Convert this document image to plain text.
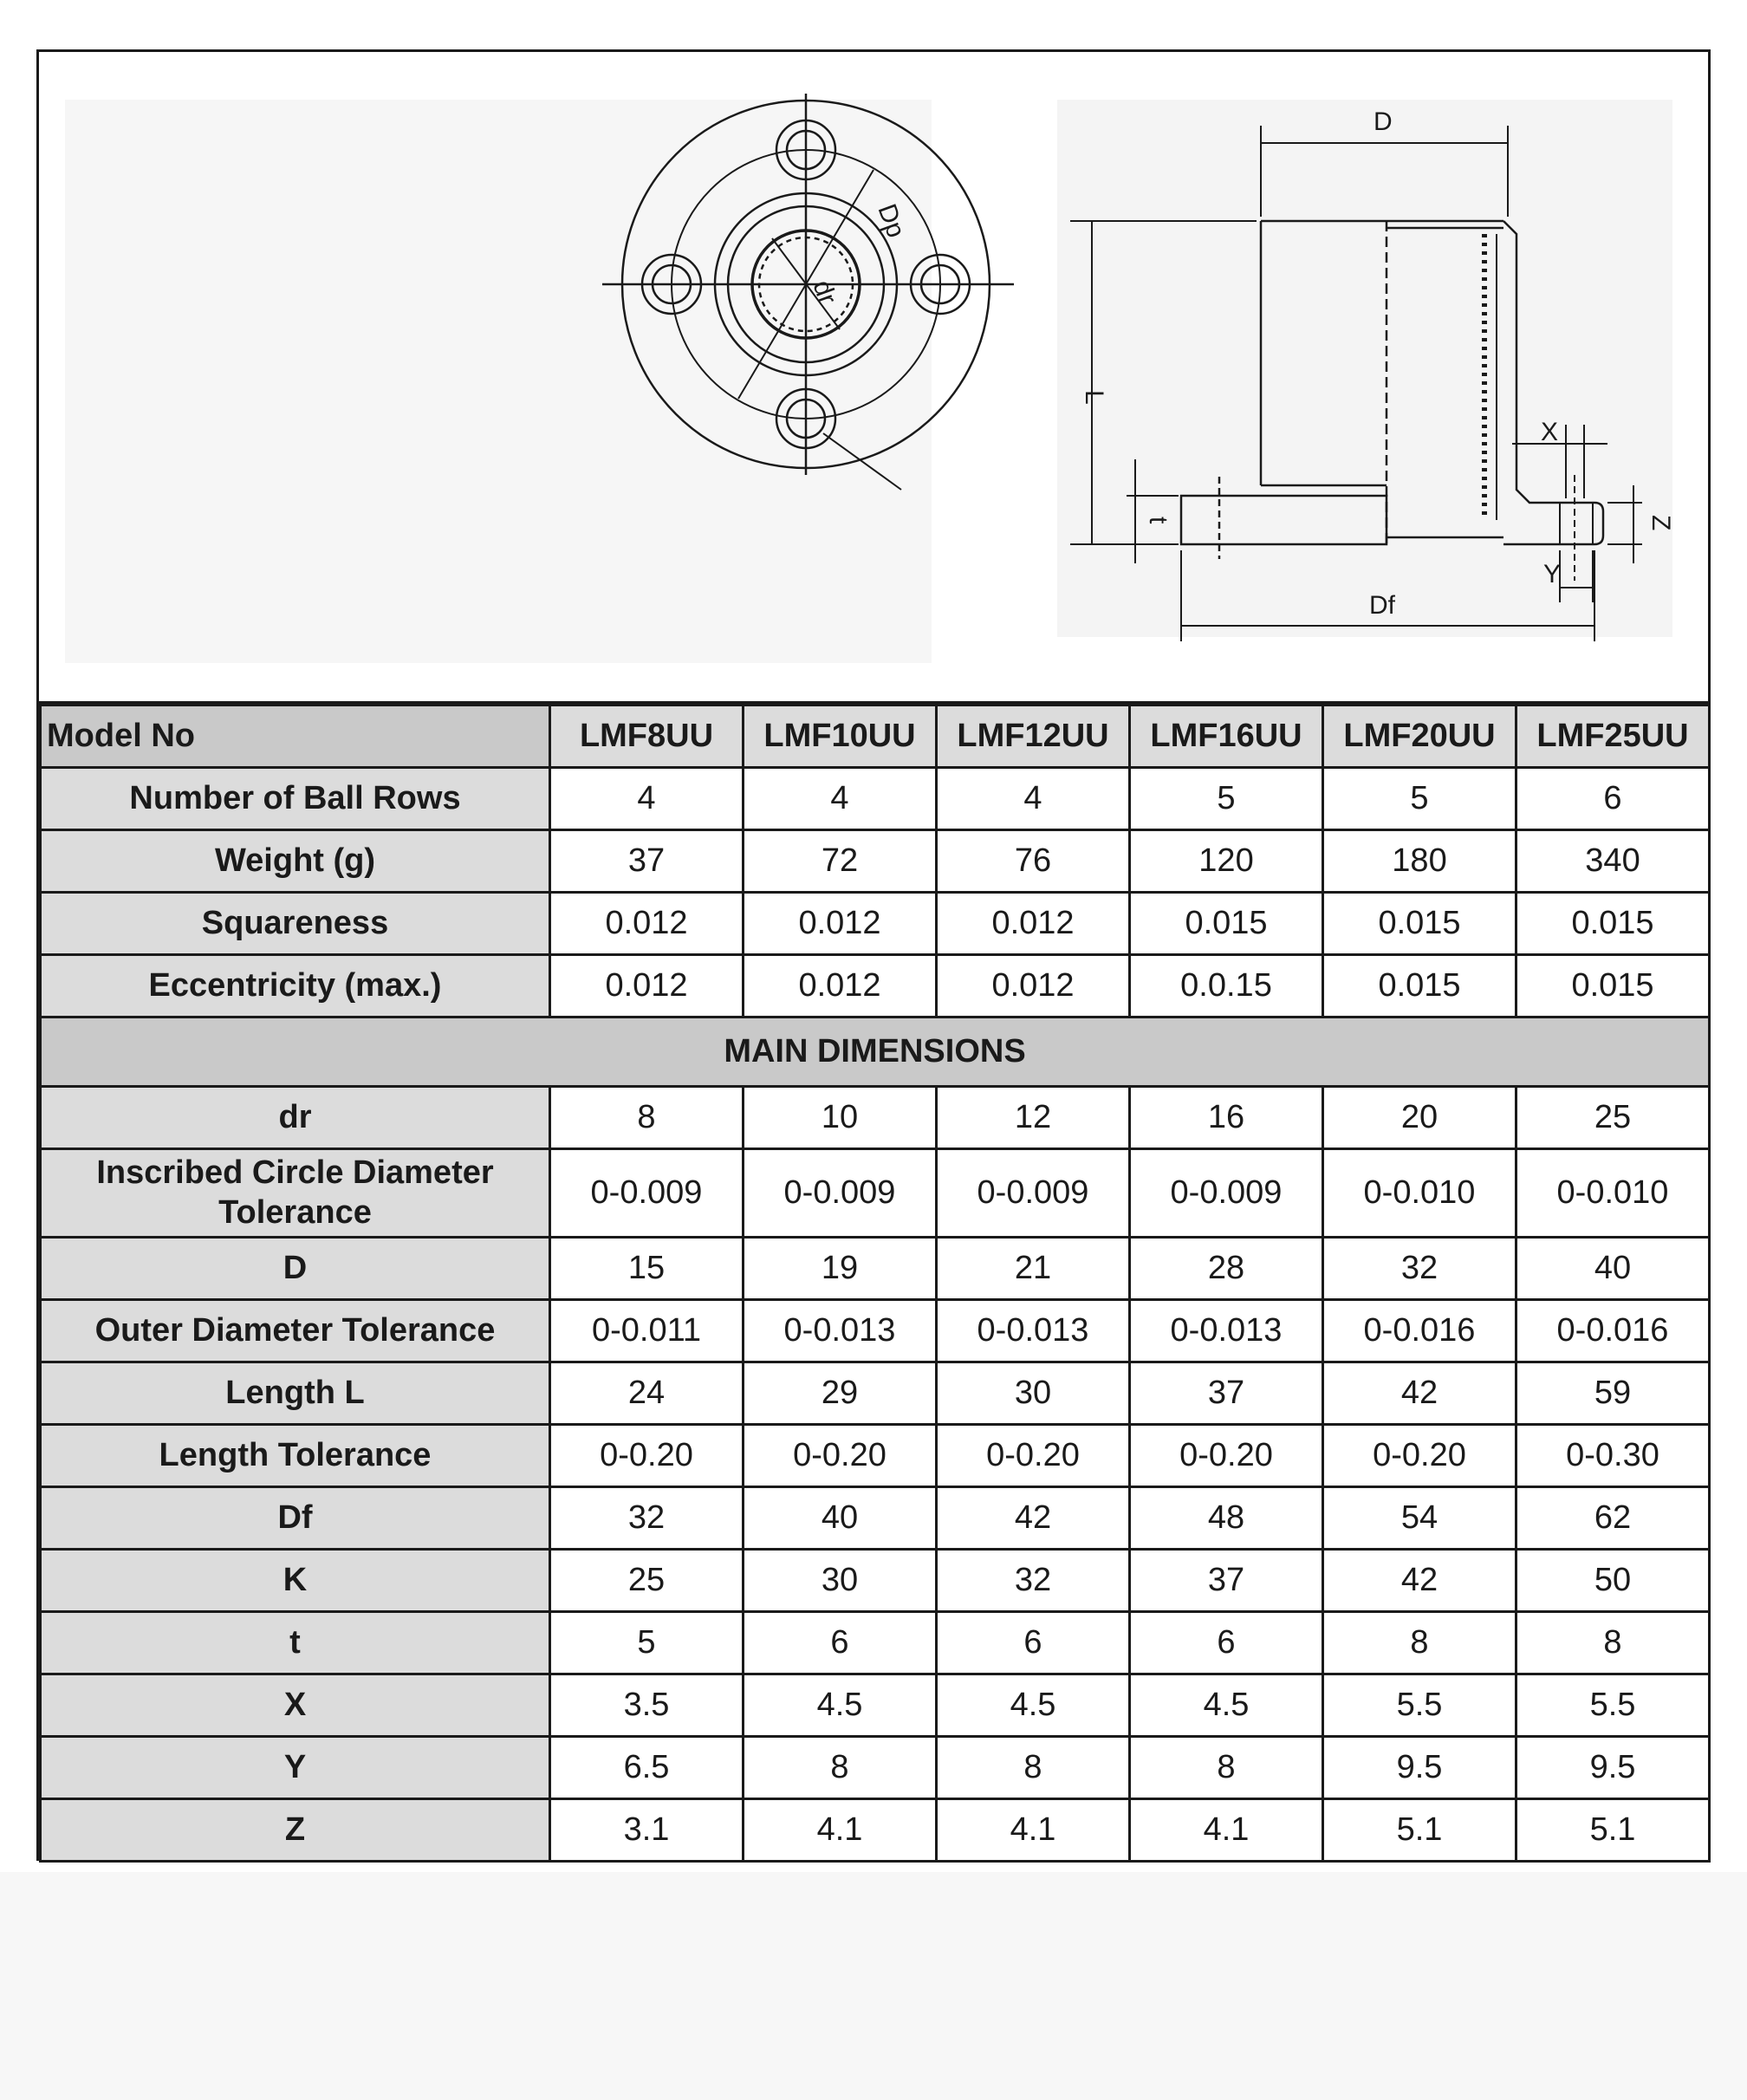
Dp
dr
D
L
t
Df
X
Y
Z
Model No	LMF8UU	LMF10UU	LMF12UU	LMF16UU	LMF20UU	LMF25UU
Number of Ball Rows	4	4	4	5	5	6
Weight (g)	37	72	76	120	180	340
Squareness	0.012	0.012	0.012	0.015	0.015	0.015
Eccentricity (max.)	0.012	0.012	0.012	0.0.15	0.015	0.015
MAIN DIMENSIONS						
dr	8	10	12	16	20	25
Inscribed Circle Diameter Tolerance	0-0.009	0-0.009	0-0.009	0-0.009	0-0.010	0-0.010
D	15	19	21	28	32	40
Outer Diameter Tolerance	0-0.011	0-0.013	0-0.013	0-0.013	0-0.016	0-0.016
Length L	24	29	30	37	42	59
Length Tolerance	0-0.20	0-0.20	0-0.20	0-0.20	0-0.20	0-0.30
Df	32	40	42	48	54	62
K	25	30	32	37	42	50
t	5	6	6	6	8	8
X	3.5	4.5	4.5	4.5	5.5	5.5
Y	6.5	8	8	8	9.5	9.5
Z	3.1	4.1	4.1	4.1	5.1	5.1
